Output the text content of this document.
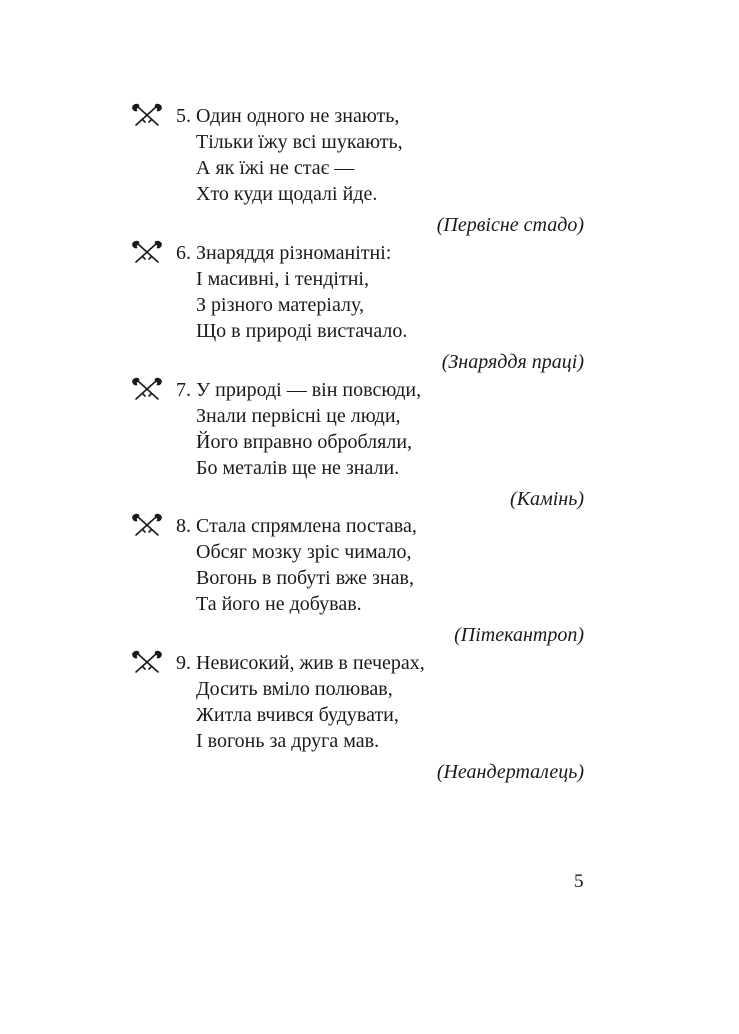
5. Один одного не знають,
Тільки їжу всі шукають,
А як їжі не стає —
Хто куди щодалі йде.
(Первісне стадо)
6. Знаряддя різноманітні:
І масивні, і тендітні,
З різного матеріалу,
Що в природі вистачало.
(Знаряддя праці)
7. У природі — він повсюди,
Знали первісні це люди,
Його вправно обробляли,
Бо металів ще не знали.
(Камінь)
8. Стала спрямлена постава,
Обсяг мозку зріс чимало,
Вогонь в побуті вже знав,
Та його не добував.
(Пітекантроп)
9. Невисокий, жив в печерах,
Досить вміло полював,
Житла вчився будувати,
І вогонь за друга мав.
(Неандерталець)
5
